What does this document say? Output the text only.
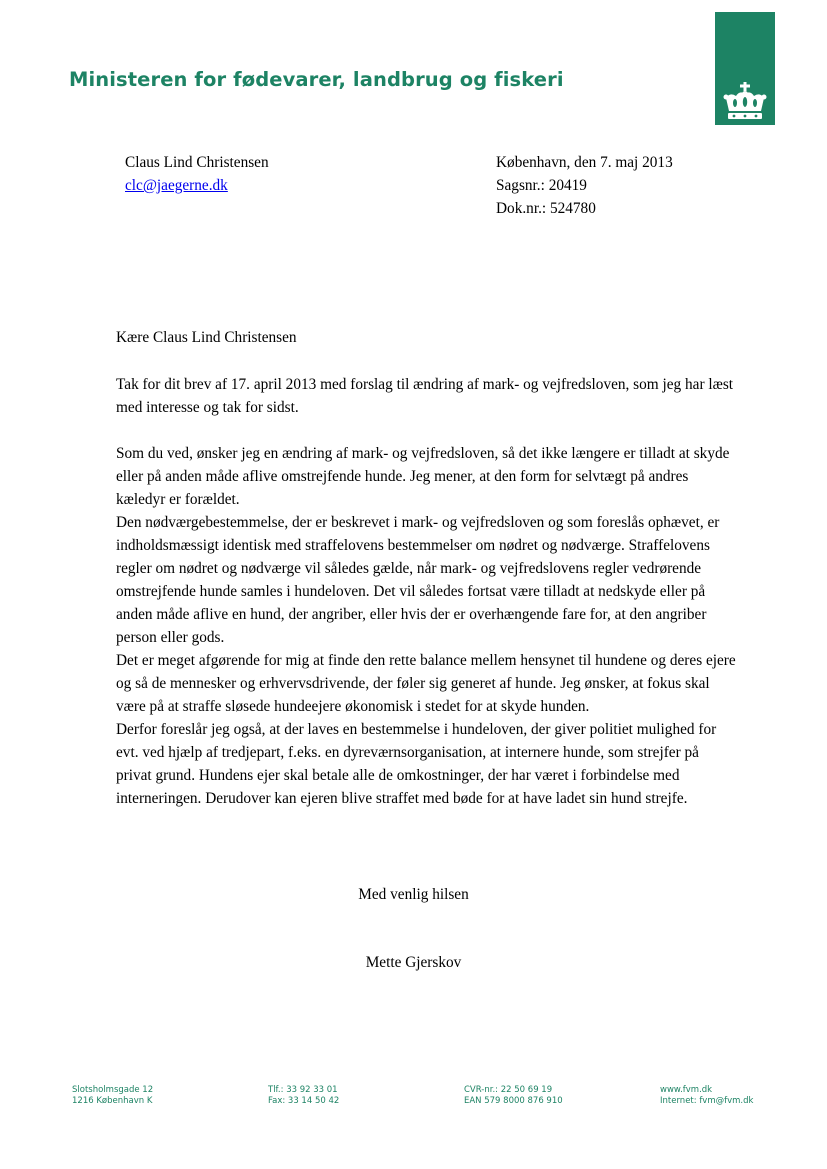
Ministeren for fødevarer, landbrug og fiskeri
Claus Lind Christensen
clc@jaegerne.dk
København, den 7. maj 2013
Sagsnr.: 20419
Dok.nr.: 524780
Kære Claus Lind Christensen

Tak for dit brev af 17. april 2013 med forslag til ændring af mark- og vejfredsloven, som jeg har læst med interesse og tak for sidst.

Som du ved, ønsker jeg en ændring af mark- og vejfredsloven, så det ikke længere er tilladt at skyde eller på anden måde aflive omstrejfende hunde. Jeg mener, at den form for selvtægt på andres kæledyr er forældet.

Den nødværgebestemmelse, der er beskrevet i mark- og vejfredsloven og som foreslås ophævet, er indholdsmæssigt identisk med straffelovens bestemmelser om nødret og nødværge. Straffelovens regler om nødret og nødværge vil således gælde, når mark- og vejfredslovens regler vedrørende omstrejfende hunde samles i hundeloven. Det vil således fortsat være tilladt at nedskyde eller på anden måde aflive en hund, der angriber, eller hvis der er overhængende fare for, at den angriber person eller gods.

Det er meget afgørende for mig at finde den rette balance mellem hensynet til hundene og deres ejere og så de mennesker og erhvervsdrivende, der føler sig generet af hunde. Jeg ønsker, at fokus skal være på at straffe sløsede hundeejere økonomisk i stedet for at skyde hunden.

Derfor foreslår jeg også, at der laves en bestemmelse i hundeloven, der giver politiet mulighed for evt. ved hjælp af tredjepart, f.eks. en dyreværnsorganisation, at internere hunde, som strejfer på privat grund. Hundens ejer skal betale alle de omkostninger, der har været i forbindelse med interneringen. Derudover kan ejeren blive straffet med bøde for at have ladet sin hund strejfe.

Med venlig hilsen
Mette Gjerskov
Slotsholmsgade 12
1216 København K
Tlf.: 33 92 33 01
Fax: 33 14 50 42
CVR-nr.: 22 50 69 19
EAN 579 8000 876 910
www.fvm.dk
Internet: fvm@fvm.dk
